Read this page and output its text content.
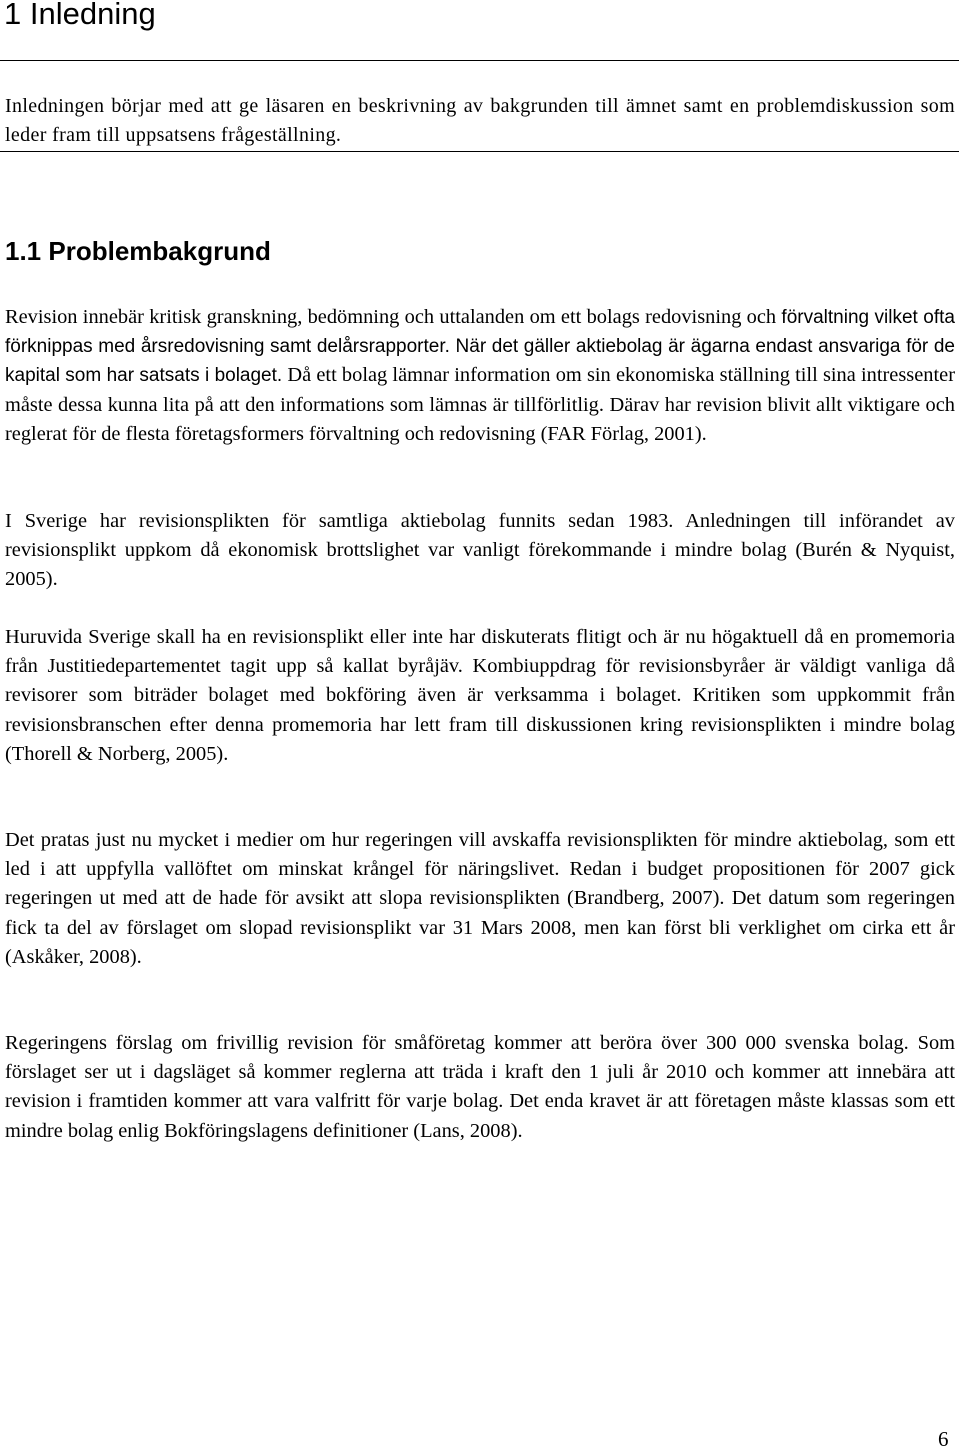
1 Inledning

Inledningen börjar med att ge läsaren en beskrivning av bakgrunden till ämnet samt en problemdiskussion som leder fram till uppsatsens frågeställning.

1.1 Problembakgrund

Revision innebär kritisk granskning, bedömning och uttalanden om ett bolags redovisning och förvaltning vilket ofta förknippas med årsredovisning samt delårsrapporter. När det gäller aktiebolag är ägarna endast ansvariga för de kapital som har satsats i bolaget. Då ett bolag lämnar information om sin ekonomiska ställning till sina intressenter måste dessa kunna lita på att den informations som lämnas är tillförlitlig. Därav har revision blivit allt viktigare och reglerat för de flesta företagsformers förvaltning och redovisning (FAR Förlag, 2001).

I Sverige har revisionsplikten för samtliga aktiebolag funnits sedan 1983. Anledningen till införandet av revisionsplikt uppkom då ekonomisk brottslighet var vanligt förekommande i mindre bolag (Burén & Nyquist, 2005).

Huruvida Sverige skall ha en revisionsplikt eller inte har diskuterats flitigt och är nu högaktuell då en promemoria från Justitiedepartementet tagit upp så kallat byråjäv. Kombiuppdrag för revisionsbyråer är väldigt vanliga då revisorer som biträder bolaget med bokföring även är verksamma i bolaget. Kritiken som uppkommit från revisionsbranschen efter denna promemoria har lett fram till diskussionen kring revisionsplikten i mindre bolag (Thorell & Norberg, 2005).

Det pratas just nu mycket i medier om hur regeringen vill avskaffa revisionsplikten för mindre aktiebolag, som ett led i att uppfylla vallöftet om minskat krångel för näringslivet. Redan i budget propositionen för 2007 gick regeringen ut med att de hade för avsikt att slopa revisionsplikten (Brandberg, 2007). Det datum som regeringen fick ta del av förslaget om slopad revisionsplikt var 31 Mars 2008, men kan först bli verklighet om cirka ett år (Askåker, 2008).

Regeringens förslag om frivillig revision för småföretag kommer att beröra över 300 000 svenska bolag. Som förslaget ser ut i dagsläget så kommer reglerna att träda i kraft den 1 juli år 2010 och kommer att innebära att revision i framtiden kommer att vara valfritt för varje bolag. Det enda kravet är att företagen måste klassas som ett mindre bolag enlig Bokföringslagens definitioner (Lans, 2008).

6
